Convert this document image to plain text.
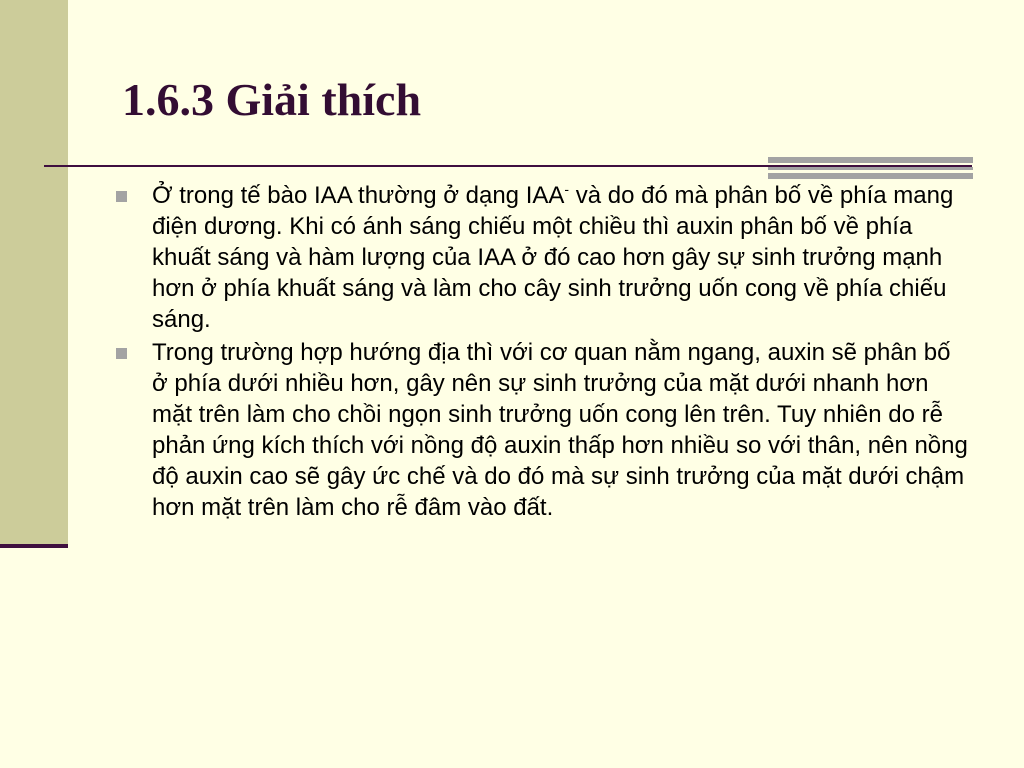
1.6.3 Giải thích
Ở trong tế bào IAA thường ở dạng IAA- và do đó mà phân bố về phía mang điện dương. Khi có ánh sáng chiếu một chiều thì auxin phân bố về phía khuất sáng và hàm lượng của IAA ở đó cao hơn gây sự sinh trưởng mạnh hơn ở phía khuất sáng và làm cho cây sinh trưởng uốn cong về phía chiếu sáng.
Trong trường hợp hướng địa thì với cơ quan nằm ngang, auxin sẽ phân bố ở phía dưới nhiều hơn, gây nên sự sinh trưởng của mặt dưới nhanh hơn mặt trên làm cho chồi ngọn sinh trưởng uốn cong lên trên. Tuy nhiên do rễ phản ứng kích thích với nồng độ auxin thấp hơn nhiều so với thân, nên nồng độ auxin cao sẽ gây ức chế và do đó mà sự sinh trưởng của mặt dưới chậm hơn mặt trên làm cho rễ đâm vào đất.
